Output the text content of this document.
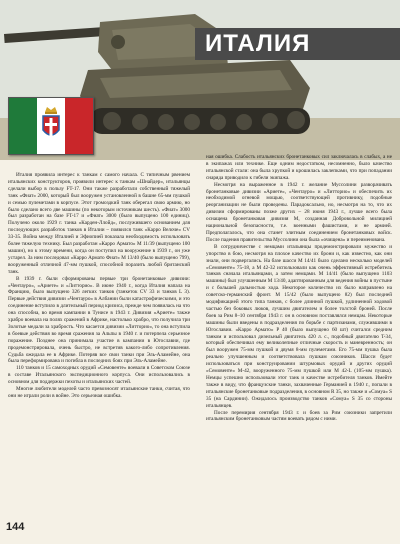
ИТАЛИЯ

Италия проявила интерес к танкам с самого начала. С типичным рвением итальянских конструкторов, проявили интерес к танкам «Шнайдер», итальянцы сделали выбор в пользу FT-17. Они также разработали собственный тяжелый танк «Фиат» 2000, который был вооружен установленной в башне 65-мм пушкой и семью пулеметами в корпусе. Этот громоздкий танк оберегал свою армию, но было сделано всего две машины (по некоторым источникам шесть). «Фиат» 3000 был разработан на базе FT-17 и «Фиат» 3000 (было выпущено 100 единиц). Получено около 1929 г. танка «Карден-Ллойд», послужившего основанием для последующих разработок танков в Италии – появился танк «Карро Велоче» CV 33-35. Война между Италией и Эфиопией показала необходимость использовать более тяжелую технику. Был разработан «Карро Армато» M 11/39 (выпущено 100 машин), но к этому времени, когда он поступил на вооружение в 1939 г., он уже устарел. За ним последовал «Карро Армато Фиат» M 13/40 (было выпущено 799), вооруженный отличной 47-мм пушкой, способной поразить любой британский танк.

В 1939 г. были сформированы первые три бронетанковые дивизии: «Чентауро», «Ариете» и «Литторио». В июне 1940 г., когда Италия напала на Францию, было выпущено 326 легких танков (танкеток CV 33 и танков L 3). Первые действия дивизии «Чентауро» в Албании были катастрофическими, и это соединение вступило в длительный период кризиса, прежде чем появилась на что она способна, во время кампании в Тунисе в 1943 г. Дивизия «Ариете» также храбро воевала на полях сражений в Африке, настолько храбро, что получила три Золотые медали за храбрость. Что касается дивизии «Литторио», то она вступила в боевые действия во время сражения за Альпы в 1940 г. и потерпела серьезное поражение. Позднее она принимала участие в кампании в Югославии, где продемонстрировала, очень быстро, не встретив какого-либо сопротивления. Судьба ожидала ее в Африке. Потеряв все свои танки при Эль-Аламейне, она была переформирована и погибла в последних боях при Эль-Аламейне.

110 танков и 15 самоходных орудий «Семовенте» воевали в Советском Союзе в составе Итальянского экспедиционного корпуса. Они использовались в основном для поддержки пехоты и итальянских частей.

Многие любители моделей часто превозносят итальянские танки, считая, что они не играли роли в войне. Это серьезная ошибка.

ная ошибка. Слабость итальянских бронетанковых сил заключалась в слабых, а не в экипажах или технике. Еще одним недостатком, несомненно, было качество итальянской стали: она была хрупкой и крошилась заклепками, что при попадании снаряда приводило к гибели экипажа.

Несмотря на выраженное в 1942 г. желание Муссолини разворачивать бронетанковые дивизии «Ариете», «Чентауро» и «Литторио» и обеспечить их необходимой огневой мощью, соответствующей противнику, подобные реорганизации не были проведены. Парадоксально, но, несмотря на то, что их дивизии сформированы позже других – 28 июня 1943 г., лучше всего была оснащена бронетанковая дивизия M, созданная Добровольной милицией национальной безопасности, т.е. военными фашистами, и не армией. Предполагалось, что она станет элитным соединением бронетанковых войск. После падения правительства Муссолини она была «очищена» и переименована.

В сотрудничестве с немцами итальянцы продемонстрировали мужество и упорство в бою, несмотря на плохое качество их брони и, как известно, как они знали, они подвергались. На базе шасси M 14/41 было сделано несколько моделей «Семовенте» 75-18, а M 42-32 использовали как очень эффективный истребитель танков сначала итальянцами, а затем немцами. M 14/41 (было выпущено 1103 машины) был улучшенным M 13/40, адаптированным для ведения войны в пустыне и с большей дальностью хода. Некоторое количество их было направлено на советско-германский фронт. M 15/42 (было выпущено 82) был последней модификацией этого типа танков, с более длинной пушкой, удлиненной ходовой частью без боковых люков, лучшим двигателем и более толстой броней. После боев за Рим 8–10 сентября 1943 г. он в основном поставлялся немцам. Некоторые машины были введены в подразделения по борьбе с партизанами, служившими в Югославии. «Карро Армато» P 40 (было выпущено 60 шт) считался средним танком и использовал дизельный двигатель 420 л. с., подобный двигателю T-34, который обеспечивал ему великолепные отличные скорость и маневренность; он был вооружен 75-мм пушкой и двумя 8-мм пулеметами. Его 75-мм пушка была реально улучшенным и соответствовала пушкам союзников. Шасси будет использоваться при конструировании штурмовых орудий и других орудий «Семовенте» M-42, вооруженного 75-мм пушкой или M 42-L (105-мм пушка). Немцы успешно использовали этот танк и качестве истребителя танков. Имейте также в виду, что французские танки, захваченные Германией в 1940 г., попали в итальянские бронетанковые подразделения, в основном R 35, но также и «Сомуа» S 35 (на Сардинии). Ожидалось производство танков «Сомуа» S 35 со стороны итальянцев.

После перемирия сентября 1943 г. и боев за Рим союзники запретили итальянским бронетанковым частям воевать рядом с ними.

144
